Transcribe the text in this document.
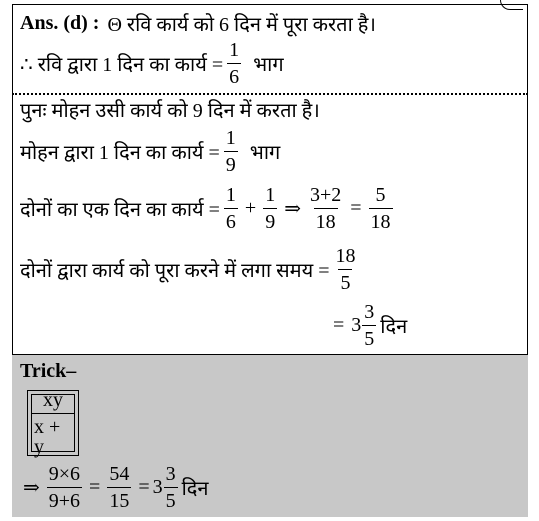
Ans. (d) : Θ रवि कार्य को 6 दिन में पूरा करता है।
∴ रवि द्वारा 1 दिन का कार्य = $\frac{1}{6}$ भाग
पुनः मोहन उसी कार्य को 9 दिन में करता है।
मोहन द्वारा 1 दिन का कार्य = $\frac{1}{9}$ भाग
दोनों का एक दिन का कार्य = $\frac{1}{6} + \frac{1}{9}$ ⇒ $\frac{3+2}{18} = \frac{5}{18}$
दोनों द्वारा कार्य को पूरा करने में लगा समय = $\frac{18}{5}$
= $3 \frac{3}{5}$ दिन
Trick–
$\frac{xy}{x + y}$
⇒ $\frac{9\times 6}{9+6} = \frac{54}{15} = 3 \frac{3}{5}$ दिन
